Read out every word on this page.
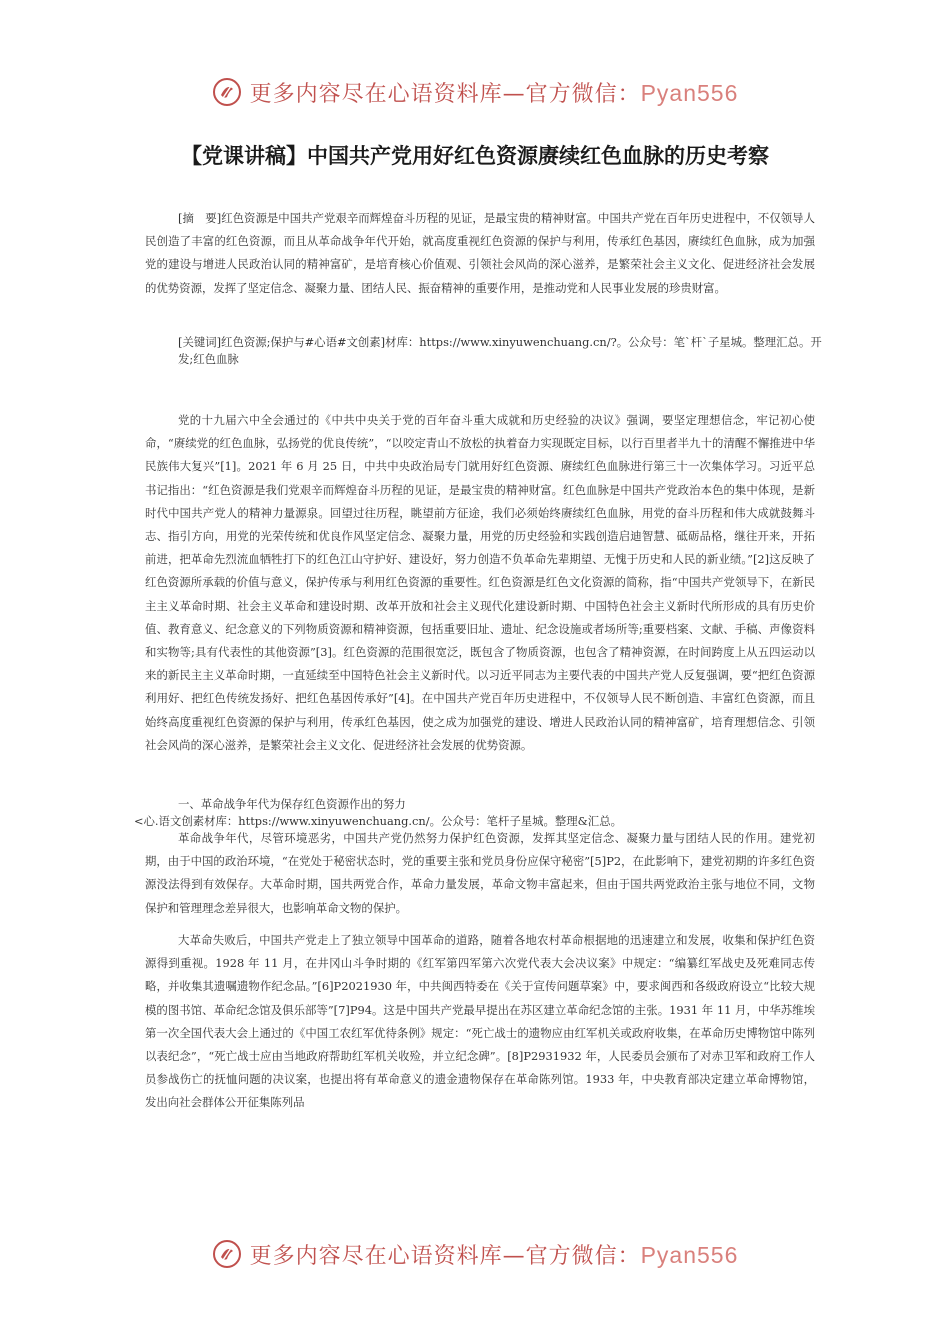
更多内容尽在心语资料库—官方微信：Pyan556
【党课讲稿】中国共产党用好红色资源赓续红色血脉的历史考察
[摘　要]红色资源是中国共产党艰辛而辉煌奋斗历程的见证，是最宝贵的精神财富。中国共产党在百年历史进程中，不仅领导人民创造了丰富的红色资源，而且从革命战争年代开始，就高度重视红色资源的保护与利用，传承红色基因，赓续红色血脉，成为加强党的建设与增进人民政治认同的精神富矿，是培育核心价值观、引领社会风尚的深⼼滋养，是繁荣社会主义文化、促进经济社会发展的优势资源，发挥了坚定信念、凝聚力量、团结人民、振奋精神的重要作用，是推动党和人民事业发展的珍贵财富。
[关键词]红色资源;保护与#心语#文创素]材库：https://www.xinyuwenchuang.cn/?。公众号：笔`杆`子星城。整理汇总。开发;红色血脉
党的十九届六中全会通过的《中共中央关于党的百年奋斗重大成就和历史经验的决议》强调，要坚定理想信念，牢记初心使命，“赓续党的红色血脉，弘扬党的优良传统”，“以咬定青山不放松的执着奋力实现既定目标，以行百里者半九十的清醒不懈推进中华民族伟大复兴”[1]。2021 年 6 月 25 日，中共中央政治局专门就用好红色资源、赓续红色血脉进行第三十一次集体学习。习近平总书记指出：“红色资源是我们党艰辛而辉煌奋斗历程的见证，是最宝贵的精神财富。红色血脉是中国共产党政治本色的集中体现，是新时代中国共产党人的精神力量源泉。回望过往历程，眺望前方征途，我们必须始终赓续红色血脉，用党的奋斗历程和伟大成就鼓舞斗志、指引方向，用党的光荣传统和优良作风坚定信念、凝聚力量，用党的历史经验和实践创造启迪智慧、砥砺品格，继往开来，开拓前进，把革命先烈流血牺牲打下的红色江山守护好、建设好，努力创造不负革命先辈期望、无愧于历史和人民的新业绩。”[2]这反映了红色资源所承载的价值与意义，保护传承与利用红色资源的重要性。红色资源是红色文化资源的简称，指“中国共产党领导下，在新民主主义革命时期、社会主义革命和建设时期、改革开放和社会主义现代化建设新时期、中国特色社会主义新时代所形成的具有历史价值、教育意义、纪念意义的下列物质资源和精神资源，包括重要旧址、遗址、纪念设施或者场所等;重要档案、文献、手稿、声像资料和实物等;具有代表性的其他资源”[3]。红色资源的范围很宽泛，既包含了物质资源，也包含了精神资源，在时间跨度上从五四运动以来的新民主主义革命时期，一直延续至中国特色社会主义新时代。以习近平同志为主要代表的中国共产党人反复强调，要“把红色资源利用好、把红色传统发扬好、把红色基因传承好”[4]。在中国共产党百年历史进程中，不仅领导人民不断创造、丰富红色资源，而且始终高度重视红色资源的保护与利用，传承红色基因，使之成为加强党的建设、增进人民政治认同的精神富矿，培育理想信念、引领社会风尚的深⼼滋养，是繁荣社会主义文化、促进经济社会发展的优势资源。
一、革命战争年代为保存红色资源作出的努力
<心.语文创素材库：https://www.xinyuwenchuang.cn/。公众号：笔杆子星城。整理&汇总。
革命战争年代，尽管环境恶劣，中国共产党仍然努力保护红色资源，发挥其坚定信念、凝聚力量与团结人民的作用。建党初期，由于中国的政治环境，“在党处于秘密状态时，党的重要主张和党员身份应保守秘密”[5]P2，在此影响下，建党初期的许多红色资源没法得到有效保存。大革命时期，国共两党合作，革命力量发展，革命文物丰富起来，但由于国共两党政治主张与地位不同，文物保护和管理理念差异很大，也影响革命文物的保护。
大革命失败后，中国共产党走上了独立领导中国革命的道路，随着各地农村革命根据地的迅速建立和发展，收集和保护红色资源得到重视。1928 年 11 月，在井冈山斗争时期的《红军第四军第六次党代表大会决议案》中规定：“编纂红军战史及死难同志传略，并收集其遗嘱遗物作纪念品。”[6]P2021930 年，中共闽西特委在《关于宣传问题草案》中，要求闽西和各级政府设立“比较大规模的图书馆、革命纪念馆及俱乐部等”[7]P94。这是中国共产党最早提出在苏区建立革命纪念馆的主张。1931 年 11 月，中华苏维埃第一次全国代表大会上通过的《中国工农红军优待条例》规定：“死亡战士的遗物应由红军机关或政府收集，在革命历史博物馆中陈列以表纪念”，“死亡战士应由当地政府帮助红军机关收殓，并立纪念碑”。[8]P2931932 年，人民委员会颁布了对赤卫军和政府工作人员参战伤亡的抚恤问题的决议案，也提出将有革命意义的遗金遗物保存在革命陈列馆。1933 年，中央教育部决定建立革命博物馆，发出向社会群体公开征集陈列品
更多内容尽在心语资料库—官方微信：Pyan556
